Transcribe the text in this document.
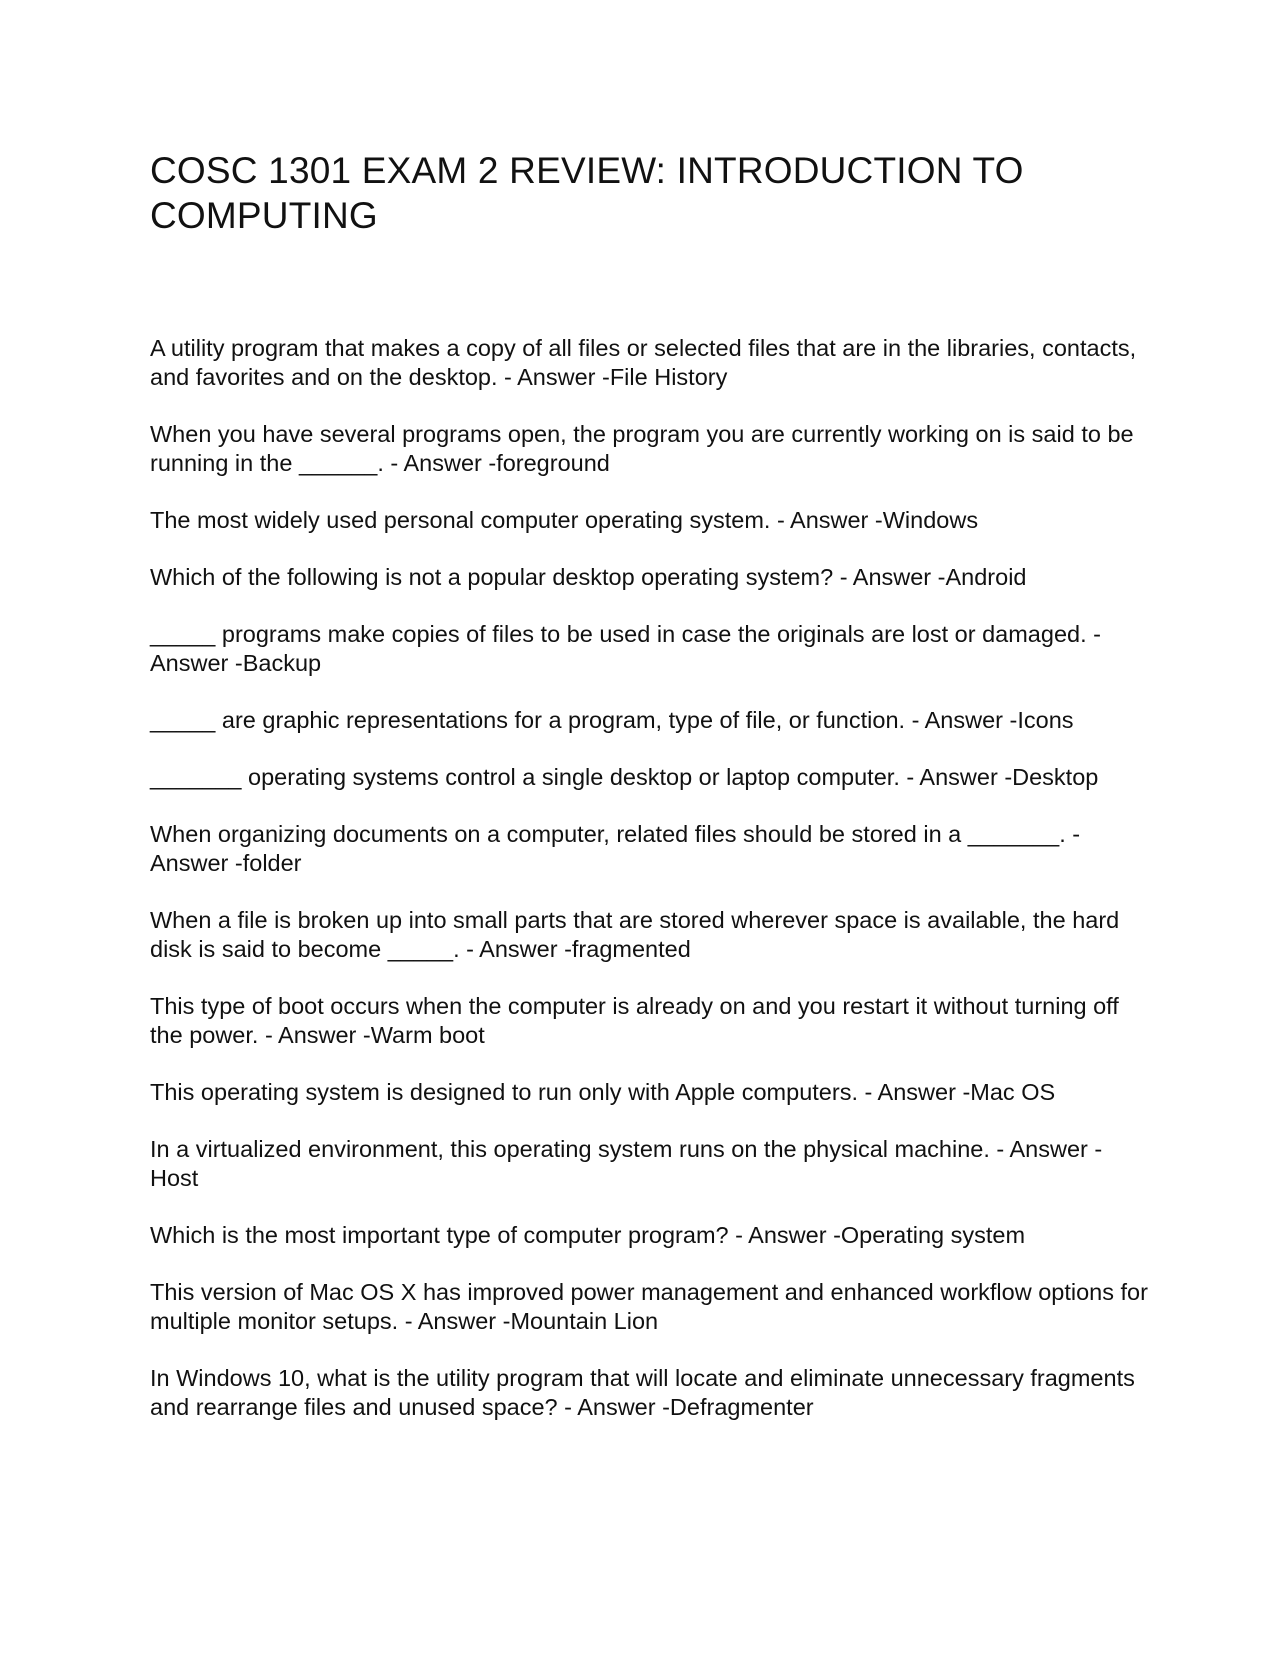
COSC 1301 EXAM 2 REVIEW: INTRODUCTION TO COMPUTING
A utility program that makes a copy of all files or selected files that are in the libraries, contacts, and favorites and on the desktop. - Answer -File History
When you have several programs open, the program you are currently working on is said to be running in the ______. - Answer -foreground
The most widely used personal computer operating system. - Answer -Windows
Which of the following is not a popular desktop operating system? - Answer -Android
_____ programs make copies of files to be used in case the originals are lost or damaged. - Answer -Backup
_____ are graphic representations for a program, type of file, or function. - Answer -Icons
_______ operating systems control a single desktop or laptop computer. - Answer -Desktop
When organizing documents on a computer, related files should be stored in a _______. - Answer -folder
When a file is broken up into small parts that are stored wherever space is available, the hard disk is said to become _____. - Answer -fragmented
This type of boot occurs when the computer is already on and you restart it without turning off the power. - Answer -Warm boot
This operating system is designed to run only with Apple computers. - Answer -Mac OS
In a virtualized environment, this operating system runs on the physical machine. - Answer -Host
Which is the most important type of computer program? - Answer -Operating system
This version of Mac OS X has improved power management and enhanced workflow options for multiple monitor setups. - Answer -Mountain Lion
In Windows 10, what is the utility program that will locate and eliminate unnecessary fragments and rearrange files and unused space? - Answer -Defragmenter
